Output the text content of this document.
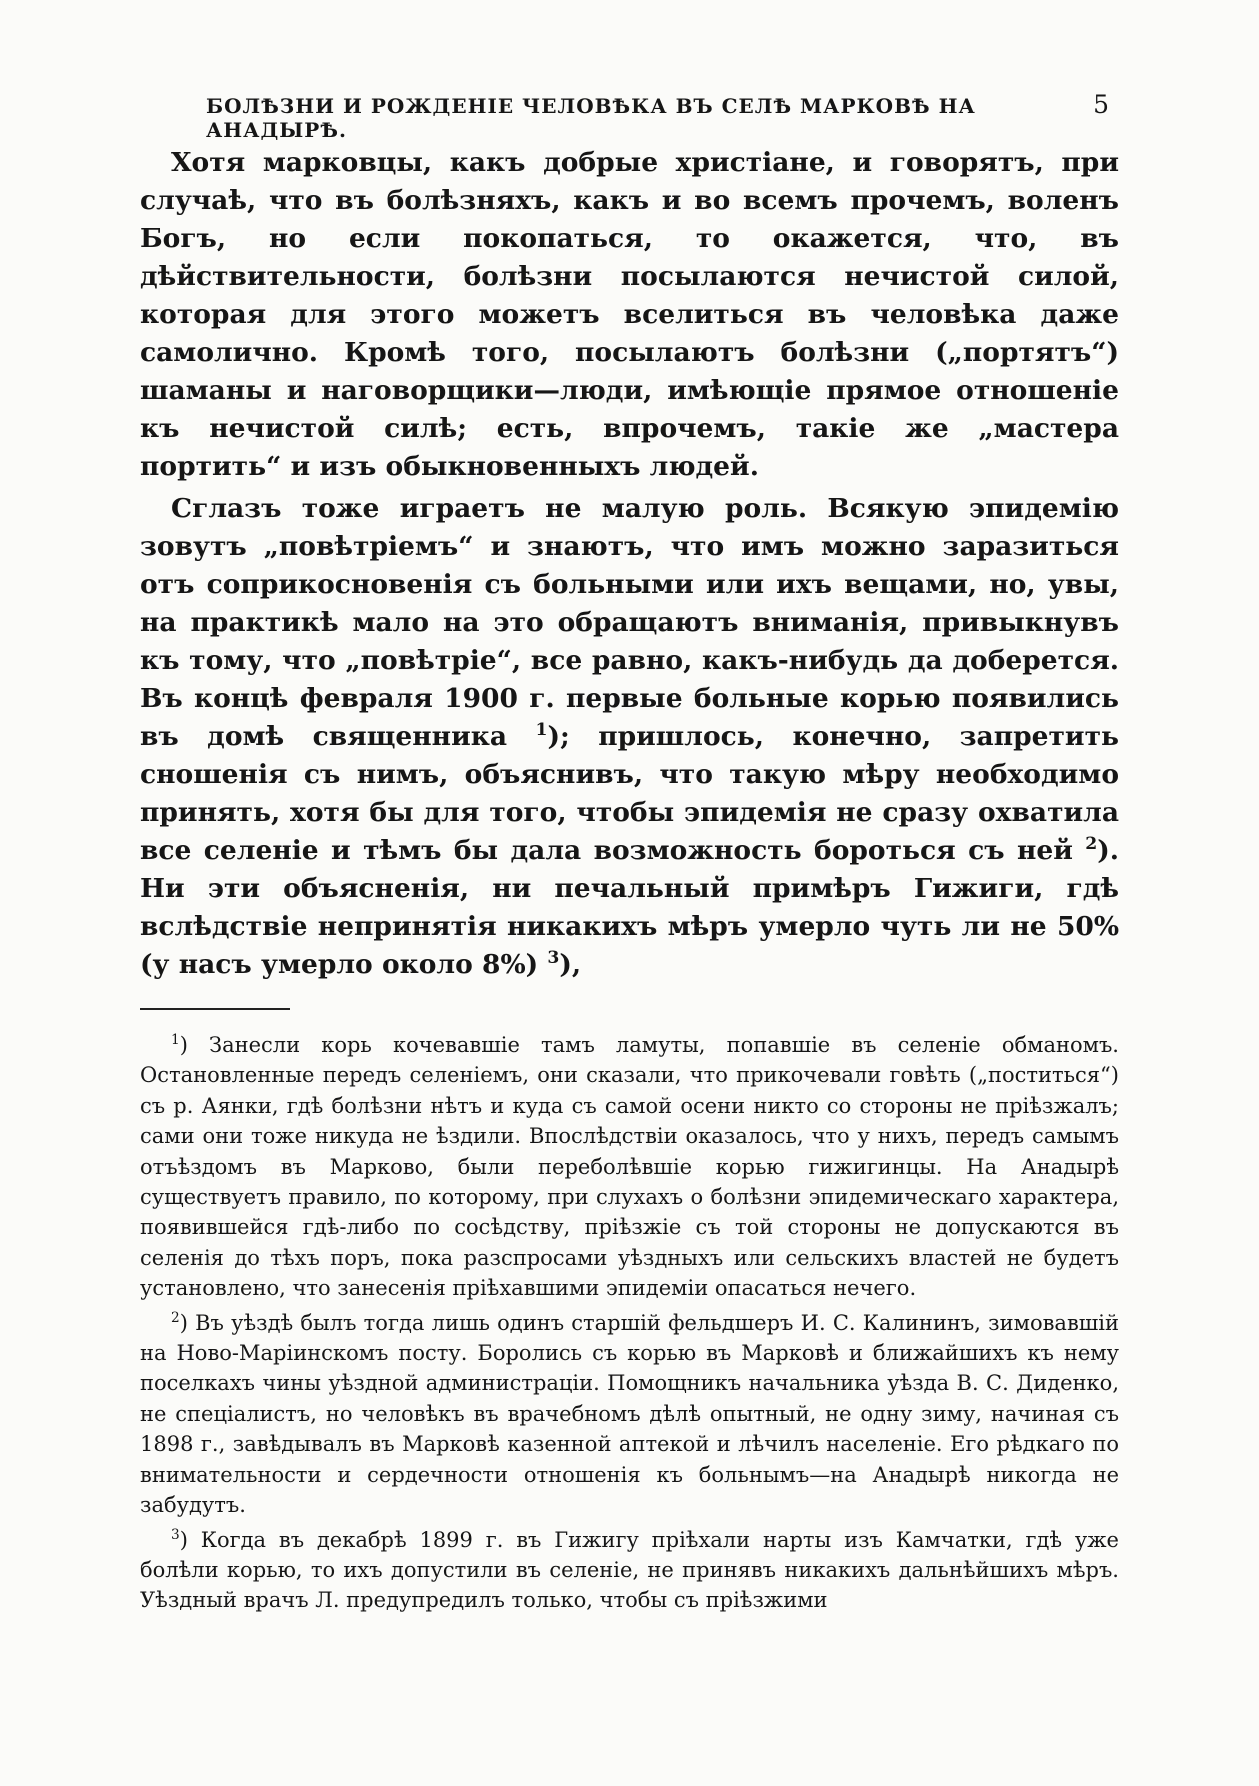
БОЛѢЗНИ И РОЖДЕНІЕ ЧЕЛОВѢКА ВЪ СЕЛѢ МАРКОВѢ НА АНАДЫРѢ.
5

Хотя марковцы, какъ добрые христіане, и говорятъ, при случаѣ, что въ болѣзняхъ, какъ и во всемъ прочемъ, воленъ Богъ, но если покопаться, то окажется, что, въ дѣйствительности, болѣзни посылаются нечистой силой, которая для этого можетъ вселиться въ человѣка даже самолично. Кромѣ того, посылаютъ болѣзни („портятъ“) шаманы и наговорщики—люди, имѣющіе прямое отношеніе къ нечистой силѣ; есть, впрочемъ, такіе же „мастера портить“ и изъ обыкновенныхъ людей.

Сглазъ тоже играетъ не малую роль. Всякую эпидемію зовутъ „повѣтріемъ“ и знаютъ, что имъ можно заразиться отъ соприкосновенія съ больными или ихъ вещами, но, увы, на практикѣ мало на это обращаютъ вниманія, привыкнувъ къ тому, что „повѣтріе“, все равно, какъ-нибудь да доберется. Въ концѣ февраля 1900 г. первые больные корью появились въ домѣ священника $^1$); пришлось, конечно, запретить сношенія съ нимъ, объяснивъ, что такую мѣру необходимо принять, хотя бы для того, чтобы эпидемія не сразу охватила все селеніе и тѣмъ бы дала возможность бороться съ ней $^2$). Ни эти объясненія, ни печальный примѣръ Гижиги, гдѣ вслѣдствіе непринятія никакихъ мѣръ умерло чуть ли не 50% (у насъ умерло около 8%) $^3$),

$^1$) Занесли корь кочевавшіе тамъ ламуты, попавшіе въ селеніе обманомъ. Остановленные передъ селеніемъ, они сказали, что прикочевали говѣть („поститься“) съ р. Аянки, гдѣ болѣзни нѣтъ и куда съ самой осени никто со стороны не пріѣзжалъ; сами они тоже никуда не ѣздили. Впослѣдствіи оказалось, что у нихъ, передъ самымъ отъѣздомъ въ Марково, были переболѣвшіе корью гижигинцы. На Анадырѣ существуетъ правило, по которому, при слухахъ о болѣзни эпидемическаго характера, появившейся гдѣ-либо по сосѣдству, пріѣзжіе съ той стороны не допускаются въ селенія до тѣхъ поръ, пока разспросами уѣздныхъ или сельскихъ властей не будетъ установлено, что занесенія пріѣхавшими эпидеміи опасаться нечего.

$^2$) Въ уѣздѣ былъ тогда лишь одинъ старшій фельдшеръ И. С. Калининъ, зимовавшій на Ново-Маріинскомъ посту. Боролись съ корью въ Марковѣ и ближайшихъ къ нему поселкахъ чины уѣздной администраціи. Помощникъ начальника уѣзда В. С. Диденко, не спеціалистъ, но человѣкъ въ врачебномъ дѣлѣ опытный, не одну зиму, начиная съ 1898 г., завѣдывалъ въ Марковѣ казенной аптекой и лѣчилъ населеніе. Его рѣдкаго по внимательности и сердечности отношенія къ больнымъ—на Анадырѣ никогда не забудутъ.

$^3$) Когда въ декабрѣ 1899 г. въ Гижигу пріѣхали нарты изъ Камчатки, гдѣ уже болѣли корью, то ихъ допустили въ селеніе, не принявъ никакихъ дальнѣйшихъ мѣръ. Уѣздный врачъ Л. предупредилъ только, чтобы съ пріѣзжими
